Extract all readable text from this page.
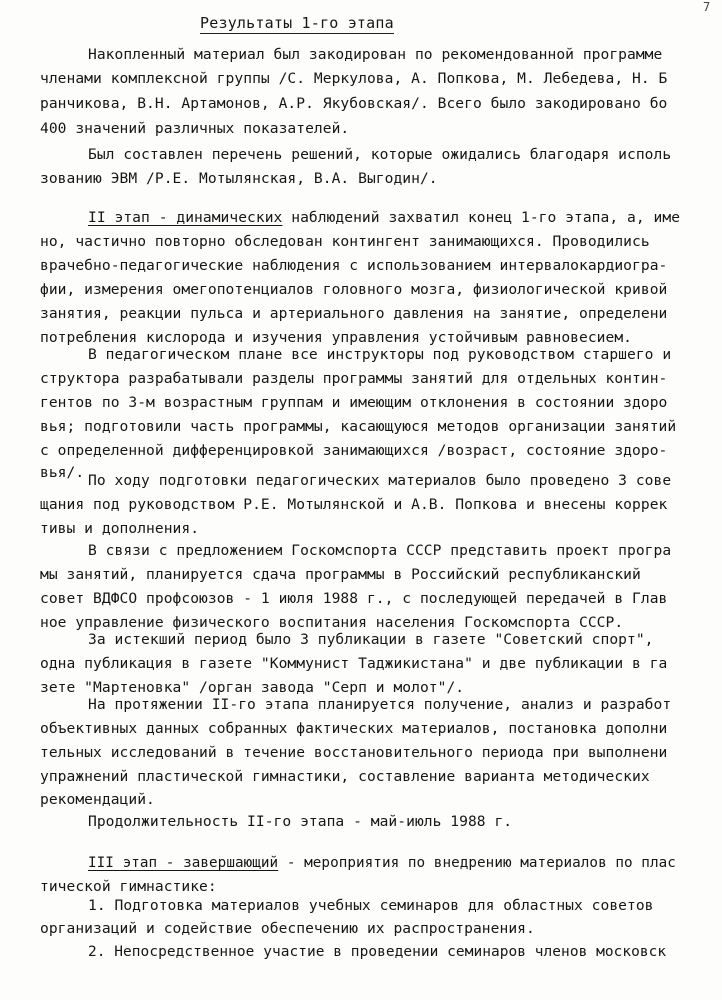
7
Результаты 1-го этапа
Накопленный материал был закодирован по рекомендованной программе
членами комплексной группы /С. Меркулова, А. Попкова, М. Лебедева, Н. Б
ранчикова, В.Н. Артамонов, А.Р. Якубовская/. Всего было закодировано бо
400 значений различных показателей.
Был составлен перечень решений, которые ожидались благодаря исполь
зованию ЭВМ /Р.Е. Мотылянская, В.А. Выгодин/.
II этап - динамических наблюдений захватил конец 1-го этапа, а, име
но, частично повторно обследован контингент занимающихся. Проводились
врачебно-педагогические наблюдения с использованием интервалокардиогра-
фии, измерения омегопотенциалов головного мозга, физиологической кривой
занятия, реакции пульса и артериального давления на занятие, определени
потребления кислорода и изучения управления устойчивым равновесием.
В педагогическом плане все инструкторы под руководством старшего и
структора разрабатывали разделы программы занятий для отдельных контин-
гентов по 3-м возрастным группам и имеющим отклонения в состоянии здоро
вья; подготовили часть программы, касающуюся методов организации занятий
с определенной дифференцировкой занимающихся /возраст, состояние здоро-
вья/. По ходу подготовки педагогических материалов было проведено 3 сове
щания под руководством Р.Е. Мотылянской и А.В. Попкова и внесены коррек
тивы и дополнения.
В связи с предложением Госкомспорта СССР представить проект програ
мы занятий, планируется сдача программы в Российский республиканский
совет ВДФСО профсоюзов - 1 июля 1988 г., с последующей передачей в Глав
ное управление физического воспитания населения Госкомспорта СССР.
За истекший период было 3 публикации в газете "Советский спорт",
одна публикация в газете "Коммунист Таджикистана" и две публикации в га
зете "Мартеновка" /орган завода "Серп и молот"/.
На протяжении II-го этапа планируется получение, анализ и разработ
объективных данных собранных фактических материалов, постановка дополни
тельных исследований в течение восстановительного периода при выполнени
упражнений пластической гимнастики, составление варианта методических
рекомендаций.
Продолжительность II-го этапа - май-июль 1988 г.
III этап - завершающий - мероприятия по внедрению материалов по плас
тической гимнастике:
1. Подготовка материалов учебных семинаров для областных советов
организаций и содействие обеспечению их распространения.
2. Непосредственное участие в проведении семинаров членов московск
